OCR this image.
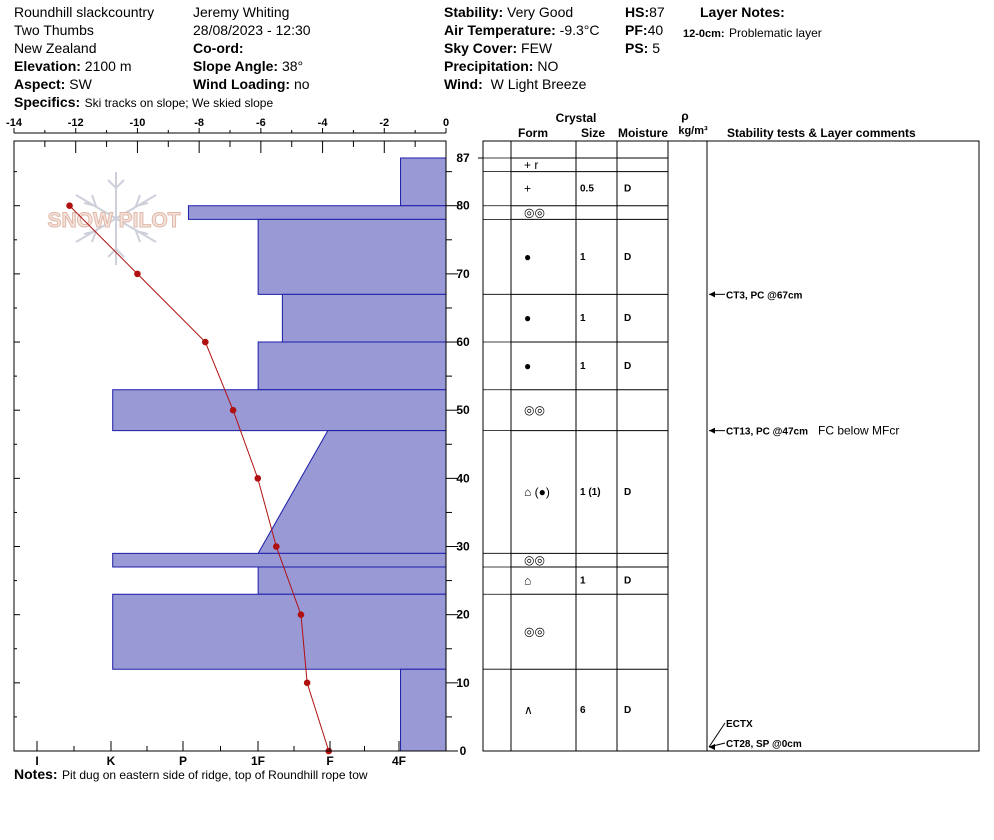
Roundhill slackcountry
Two Thumbs
New Zealand
Elevation: 2100 m
Aspect: SW
Specifics: Ski tracks on slope; We skied slope
Jeremy Whiting
28/08/2023 - 12:30
Co-ord:
Slope Angle: 38°
Wind Loading: no
Stability: Very Good
Air Temperature: -9.3°C
Sky Cover: FEW
Precipitation: NO
Wind: W Light Breeze
HS:87
PF:40
PS: 5
Layer Notes:
12-0cm: Problematic layer
Notes: Pit dug on eastern side of ridge, top of Roundhill rope tow
SNOW PILOT
-14	-12	-10	-8	-6	-4	-2	0
87
80
70
60
50
40
30
20
10
0
I	K	P	1F	F	4F
Crystal
Form	Size Moisture
ρ
kg/m³ Stability tests & Layer comments
+ r
+	0.5	D
◎◎
●	1	D
●	1	D
●	1	D
◎◎
⌂ (●)	1 (1) D
◎◎
⌂	1	D
◎◎
∧	6	D
CT3, PC @67cm
CT13, PC @47cm FC below MFcr
ECTX
CT28, SP @0cm
